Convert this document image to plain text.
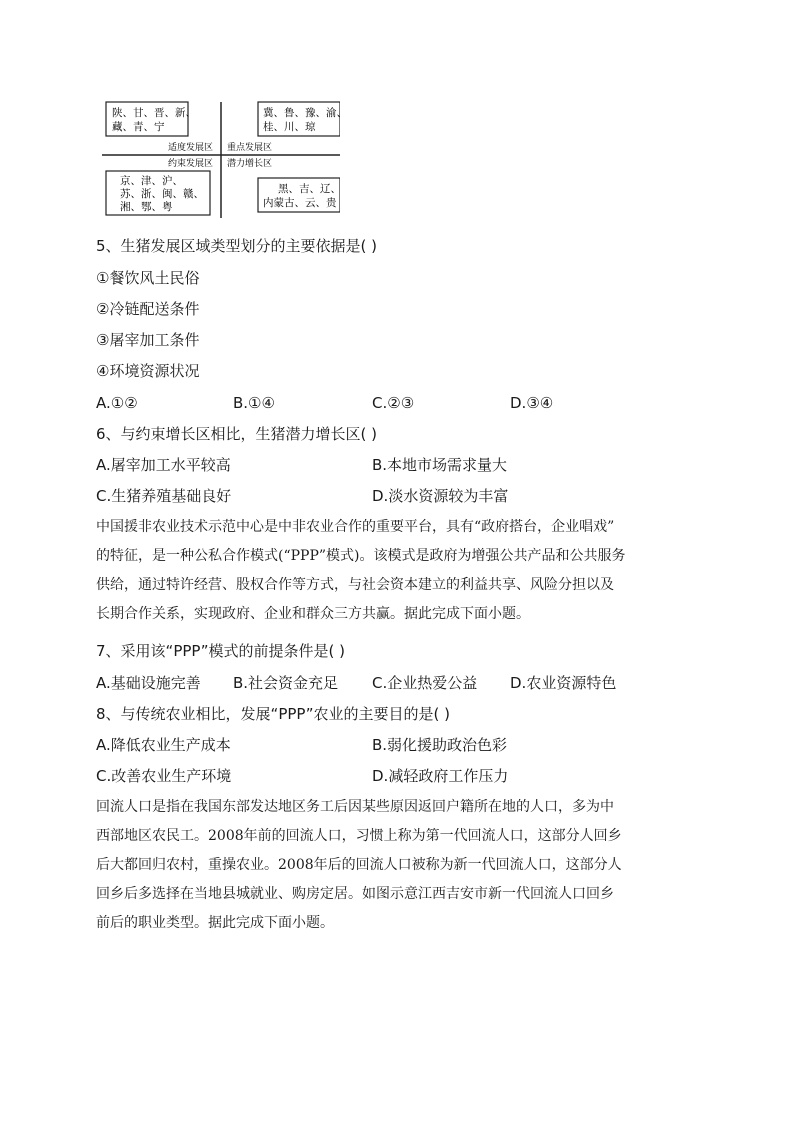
陕、甘、晋、新、
藏、青、宁
冀、鲁、豫、渝、
桂、川、琼
京、津、沪、
苏、浙、闽、赣、
湘、鄂、粤
黑、吉、辽、
内蒙古、云、贵
适度发展区 重点发展区
约束发展区 潜力增长区
5、生猪发展区域类型划分的主要依据是( )
①餐饮风土民俗
②冷链配送条件
③屠宰加工条件
④环境资源状况
A.①②	B.①④	C.②③	D.③④
6、与约束增长区相比，生猪潜力增长区( )
A.屠宰加工水平较高	B.本地市场需求量大
C.生猪养殖基础良好	D.淡水资源较为丰富
中国援非农业技术示范中心是中非农业合作的重要平台，具有“政府搭台，企业唱戏”
的特征，是一种公私合作模式(“PPP”模式)。该模式是政府为增强公共产品和公共服务
供给，通过特许经营、股权合作等方式，与社会资本建立的利益共享、风险分担以及
长期合作关系，实现政府、企业和群众三方共赢。据此完成下面小题。
7、采用该“PPP”模式的前提条件是( )
A.基础设施完善 B.社会资金充足 C.企业热爱公益 D.农业资源特色
8、与传统农业相比，发展“PPP”农业的主要目的是( )
A.降低农业生产成本	B.弱化援助政治色彩
C.改善农业生产环境	D.减轻政府工作压力
回流人口是指在我国东部发达地区务工后因某些原因返回户籍所在地的人口，多为中
西部地区农民工。2008年前的回流人口，习惯上称为第一代回流人口，这部分人回乡
后大都回归农村，重操农业。2008年后的回流人口被称为新一代回流人口，这部分人
回乡后多选择在当地县城就业、购房定居。如图示意江西吉安市新一代回流人口回乡
前后的职业类型。据此完成下面小题。
